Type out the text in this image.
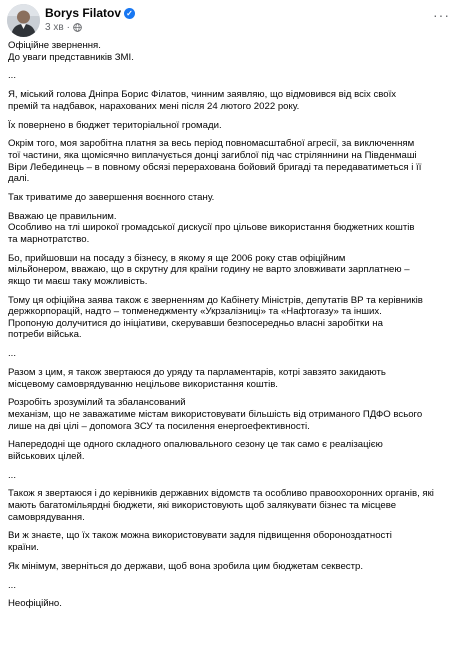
Borys Filatov ✓
3 хв ·
···

Офіційне звернення.
До уваги представників ЗМІ.

...

Я, міський голова Дніпра Борис Філатов, чинним заявляю, що відмовився від всіх своїх
премій та надбавок, нарахованих мені після 24 лютого 2022 року.

Їх повернено в бюджет територіальної громади.

Окрім того, моя заробітна платня за весь період повномасштабної агресії, за виключенням
тої частини, яка щомісячно виплачується донці загиблої під час стріляннини на Південмаші
Віри Лебединець – в повному обсязі перерахована бойовий бригаді та передаватиметься і її
далі.

Так триватиме до завершення воєнного стану.

Вважаю це правильним.
Особливо на тлі широкої громадської дискусії про цільове використання бюджетних коштів
та марнотратство.

Бо, прийшовши на посаду з бізнесу, в якому я ще 2006 року став офіційним
мільйонером, вважаю, що в скрутну для країни годину не варто зловживати зарплатнею –
якщо ти маєш таку можливість.

Тому ця офіційна заява також є зверненням до Кабінету Міністрів, депутатів ВР та керівників
держкорпорацій, надто – топменеджменту «Укрзалізниці» та «Нафтогазу» та інших.
Пропоную долучитися до ініціативи, скерувавши безпосередньо власні заробітки на
потреби війська.

...

Разом з цим, я також звертаюся до уряду та парламентарів, котрі завзято закидають
місцевому самоврядуванню нецільове використання коштів.

Розробіть зрозумілий та збалансований
механізм, що не заважатиме містам використовувати більшість від отриманого ПДФО всього
лише на дві цілі – допомога ЗСУ та посилення енергоефективності.

Напередодні ще одного складного опалювального сезону це так само є реалізацією
військових цілей.

...

Також я звертаюся і до керівників державних відомств та особливо правоохоронних органів, які
мають багатомільярдні бюджети, які використовують щоб залякувати бізнес та місцеве
самоврядування.

Ви ж знаєте, що їх також можна використовувати задля підвищення обороноздатності
країни.

Як мінімум, зверніться до держави, щоб вона зробила цим бюджетам секвестр.

...

Неофіційно.
